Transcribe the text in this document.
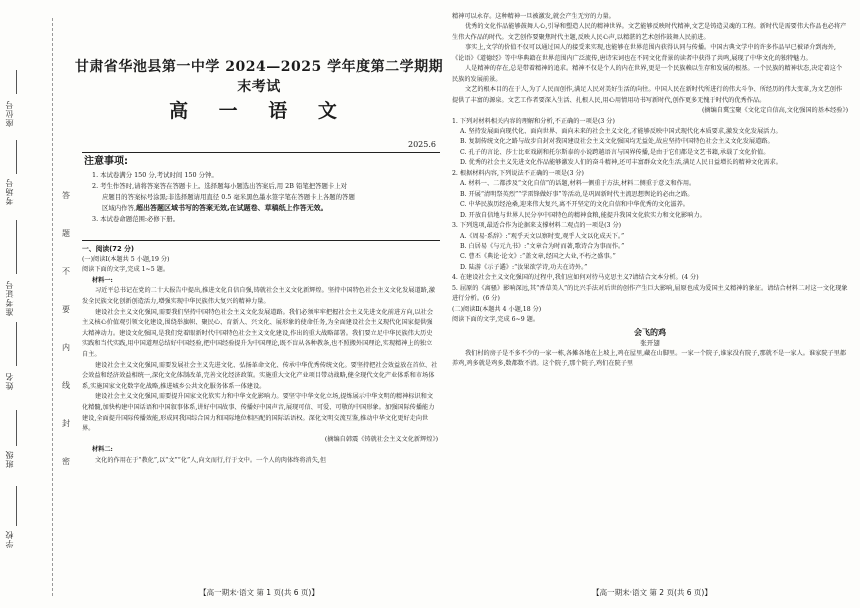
座位号
考场号
准考证号
姓名
班级
学校
答
题
不
要
内
线
封
密
甘肃省华池县第一中学 2024—2025 学年度第二学期期末考试
高 一 语 文
2025.6
注意事项:
1. 本试卷满分 150 分,考试时间 150 分钟。
2. 考生作答时,请将答案答在答题卡上。选择题每小题选出答案后,用 2B 铅笔把答题卡上对
应题目的答案标号涂黑;非选择题请用直径 0.5 毫米黑色墨水签字笔在答题卡上各题的答题
区域内作答,超出答题区域书写的答案无效,在试题卷、草稿纸上作答无效。
3. 本试卷命题范围:必修下册。

一、阅读(72 分)

(一)阅读Ⅰ(本题共 5 小题,19 分)

阅读下面的文字,完成 1~5 题。

材料一:

习近平总书记在党的二十大报告中提出,推进文化自信自强,铸就社会主义文化新辉煌。坚持中国特色社会主义文化发展道路,激发全民族文化创新创造活力,增强实现中华民族伟大复兴的精神力量。

建设社会主义文化强国,需要我们坚持中国特色社会主义文化发展道路。我们必须牢牢把握社会主义先进文化前进方向,以社会主义核心价值观引领文化建设,围绕举旗帜、聚民心、育新人、兴文化、展形象的使命任务,为全面建设社会主义现代化国家提供强大精神动力。建设文化强国,是我们党着眼新时代中国特色社会主义文化建设,作出的重大战略部署。我们要立足中华民族伟大历史实践和当代实践,用中国道理总结好中国经验,把中国经验提升为中国理论,既不盲从各种教条,也不照搬外国理论,实现精神上的独立自主。

建设社会主义文化强国,需要发展社会主义先进文化、弘扬革命文化、传承中华优秀传统文化。要坚持把社会效益放在首位、社会效益和经济效益相统一,深化文化体制改革,完善文化经济政策。实施重大文化产业项目带动战略,健全现代文化产业体系和市场体系,实施国家文化数字化战略,推进城乡公共文化服务体系一体建设。

建设社会主义文化强国,需要提升国家文化软实力和中华文化影响力。要坚守中华文化立场,提炼展示中华文明的精神标识和文化精髓,加快构建中国话语和中国叙事体系,讲好中国故事、传播好中国声音,展现可信、可爱、可敬的中国形象。加强国际传播能力建设,全面提升国际传播效能,形成同我国综合国力和国际地位相匹配的国际话语权。深化文明交流互鉴,推动中华文化更好走向世界。

(摘编自韩震《铸就社会主义文化新辉煌》)

材料二:

文化的作用在于“教化”,以“文”“化”人,向文而行,行于文中。一个人的肉体终将消失,但

【高一期末·语文 第 1 页(共 6 页)】

精神可以永存。这种精神一旦被激发,就会产生无穷的力量。

优秀的文化作品能够鼓舞人心,引导和塑造人民的精神世界。文艺能够反映时代精神,文艺是铸造灵魂的工程。新时代是需要伟大作品也必将产生伟大作品的时代。文艺创作要聚焦时代主题,反映人民心声,以精湛的艺术创作鼓舞人民前进。

事实上,文学的价值不仅可以通过国人的接受来实现,也能够在世界范围内获得认同与传播。中国古典文学中的许多作品早已被译介到海外,《论语》《道德经》等中华典籍在世界范围内广泛流传,唐诗宋词也在不同文化背景的读者中获得了共鸣,展现了中华文化的独特魅力。

人是精神的存在,总是带着精神的追求。精神不仅是个人的内在世界,更是一个民族赖以生存和发展的根基。一个民族的精神状态,决定着这个民族的发展前景。

文艺的根本目的在于人,为了人民而创作,满足人民对美好生活的向往。中国人民在新时代所进行的伟大斗争、所经历的伟大变革,为文艺创作提供了丰富的源泉。文艺工作者要深入生活、扎根人民,用心用情用功书写新时代,创作更多无愧于时代的优秀作品。

(摘编自冀宝聚《文化定自信高,文化强国的基本经验》)

1. 下列对材料相关内容的理解和分析,不正确的一项是(3 分)

A. 坚持发展面向现代化、面向世界、面向未来的社会主义文化,才能够反映中国式现代化本质要求,激发文化发展活力。

B. 复制传统文化之路与故步自封对我国建设社会主义文化强国均无益处,故应坚持中国特色社会主义文化发展道路。

C. 孔子的言论、莎士比亚戏剧和托尔斯泰的小说跨越语言与国界传播,是由于它们都是文艺书籍,承载了文化价值。

D. 优秀的社会主义先进文化作品能够激发人们的奋斗精神,还可丰富群众文化生活,满足人民日益增长的精神文化需求。

2. 根据材料内容,下列说法不正确的一项是(3 分)

A. 材料一、二都涉及“文化自信”的话题,材料一侧重于方法,材料二侧重于意义和作用。

B. 开展“清明祭英烈”“学雷锋做好事”等活动,是巩固新时代主流思想舆论的必由之路。

C. 中华民族历经沧桑,迎来伟大复兴,离不开坚定的文化自信和中华优秀的文化滋养。

D. 开放自信地与世界人民分享中国特色的精神食粮,能提升我国文化软实力和文化影响力。

3. 下列选项,最适合作为论据来支撑材料二观点的一项是(3 分)

A.《周易·系辞》:“观乎天文以察时变,观乎人文以化成天下。”

B. 白居易《与元九书》:“文章合为时而著,歌诗合为事而作。”

C. 曹丕《典论·论文》:“盖文章,经国之大业,不朽之盛事。”

D. 陆游《示子遹》:“汝果欲学诗,功夫在诗外。”

4. 在建设社会主义文化强国的过程中,我们应如何对待马克思主义?请结合文本分析。(4 分)

5. 屈原的《离骚》影响深远,其“香草美人”的比兴手法对后世的创作产生巨大影响,屈原也成为爱国主义精神的象征。请结合材料二对这一文化现象进行分析。(6 分)

(二)阅读Ⅱ(本题共 4 小题,18 分)

阅读下面的文字,完成 6~9 题。

会飞的鸡

张开翅

我们村的房子是不多不少的一家一栋,各摊各地在上坡上,鸡在屋里,藏在山脚里。一家一个院子,谁家没有院子,那就不是一家人。谁家院子里都养鸡,鸡多就是鸡多,数都数不清。这个院子,那个院子,鸡们在院子里

【高一期末·语文 第 2 页(共 6 页)】
